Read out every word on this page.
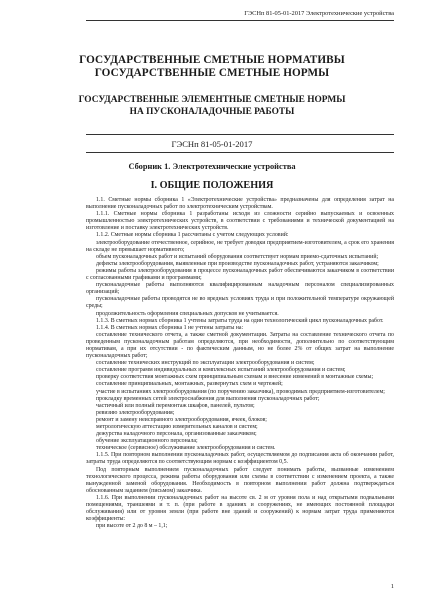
ГЭСНп 81-05-01-2017 Электротехнические устройства
ГОСУДАРСТВЕННЫЕ СМЕТНЫЕ НОРМАТИВЫ
ГОСУДАРСТВЕННЫЕ СМЕТНЫЕ НОРМЫ
ГОСУДАРСТВЕННЫЕ ЭЛЕМЕНТНЫЕ СМЕТНЫЕ НОРМЫ
НА ПУСКОНАЛАДОЧНЫЕ РАБОТЫ
ГЭСНп 81-05-01-2017
Сборник 1. Электротехнические устройства
I. ОБЩИЕ ПОЛОЖЕНИЯ

1.1. Сметные нормы сборника 1 «Электротехнические устройства» предназначены для определения затрат на выполнение пусконаладочных работ по электротехническим устройствам.

1.1.1. Сметные нормы сборника 1 разработаны исходя из сложности серийно выпускаемых и освоенных промышленностью электротехнических устройств, в соответствии с требованиями и технической документацией на изготовление и поставку электротехнических устройств.

1.1.2. Сметные нормы сборника 1 рассчитаны с учетом следующих условий:

электрооборудование отечественное, серийное, не требует доводки предприятием-изготовителем, а срок его хранения на складе не превышает нормативного;

объем пусконаладочных работ и испытаний оборудования соответствует нормам приемо-сдаточных испытаний;

дефекты электрооборудования, выявленные при производстве пусконаладочных работ, устраняются заказчиком;

режимы работы электрооборудования в процессе пусконаладочных работ обеспечиваются заказчиком в соответствии с согласованными графиками и программами;

пусконаладочные работы выполняются квалифицированным наладочным персоналом специализированных организаций;

пусконаладочные работы проводятся не во вредных условиях труда и при положительной температуре окружающей среды;

продолжительность оформления специальных допусков не учитывается.

1.1.3. В сметных нормах сборника 1 учтены затраты труда на один технологический цикл пусконаладочных работ.

1.1.4. В сметных нормах сборника 1 не учтены затраты на:

составление технического отчета, а также сметной документации. Затраты на составление технического отчета по проведенным пусконаладочным работам определяются, при необходимости, дополнительно по соответствующим нормативам, а при их отсутствии - по фактическим данным, но не более 2% от общих затрат на выполнение пусконаладочных работ;

составление технических инструкций по эксплуатации электрооборудования и систем;

составление программ индивидуальных и комплексных испытаний электрооборудования и систем;

проверку соответствия монтажных схем принципиальным схемам и внесение изменений в монтажные схемы;

составление принципиальных, монтажных, развернутых схем и чертежей;

участие в испытаниях электрооборудования (по поручению заказчика), проводимых предприятием-изготовителем;

прокладку временных сетей электроснабжения для выполнения пусконаладочных работ;

частичный или полный перемонтаж шкафов, панелей, пультов;

ревизию электрооборудования;

ремонт и замену неисправного электрооборудования, ячеек, блоков;

метрологическую аттестацию измерительных каналов и систем;

дежурства наладочного персонала, организованные заказчиком;

обучение эксплуатационного персонала;

техническое (сервисное) обслуживание электрооборудования и систем.

1.1.5. При повторном выполнении пусконаладочных работ, осуществляемом до подписания акта об окончании работ, затраты труда определяются по соответствующим нормам с коэффициентом 0,5.

Под повторным выполнением пусконаладочных работ следует понимать работы, вызванные изменением технологического процесса, режима работы оборудования или схемы в соответствии с изменением проекта, а также вынужденной заменой оборудования. Необходимость в повторном выполнении работ должна подтверждаться обоснованным заданием (письмом) заказчика.

1.1.6. При выполнении пусконаладочных работ на высоте св. 2 м от уровня пола и над открытыми подвальными помещениями, траншеями и т. п. (при работе в зданиях и сооружениях, не имеющих постоянной площадки обслуживания) или от уровня земли (при работе вне зданий и сооружений) к нормам затрат труда применяются коэффициенты:

при высоте от 2 до 8 м – 1,1;

1
